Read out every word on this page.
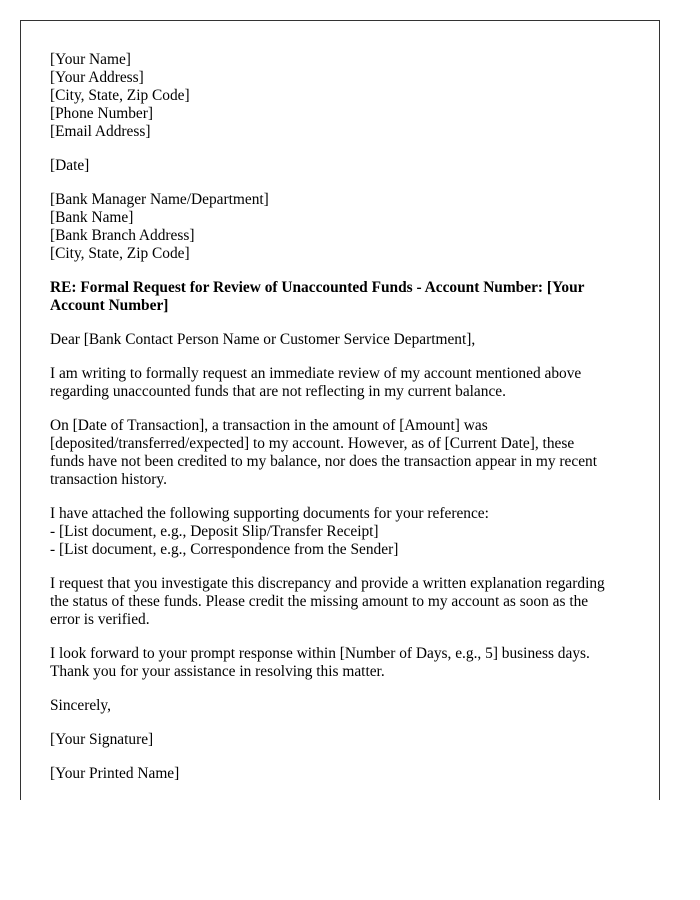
[Your Name]
[Your Address]
[City, State, Zip Code]
[Phone Number]
[Email Address]
[Date]
[Bank Manager Name/Department]
[Bank Name]
[Bank Branch Address]
[City, State, Zip Code]
RE: Formal Request for Review of Unaccounted Funds - Account Number: [Your
Account Number]
Dear [Bank Contact Person Name or Customer Service Department],
I am writing to formally request an immediate review of my account mentioned above
regarding unaccounted funds that are not reflecting in my current balance.
On [Date of Transaction], a transaction in the amount of [Amount] was
[deposited/transferred/expected] to my account. However, as of [Current Date], these
funds have not been credited to my balance, nor does the transaction appear in my recent
transaction history.
I have attached the following supporting documents for your reference:
- [List document, e.g., Deposit Slip/Transfer Receipt]
- [List document, e.g., Correspondence from the Sender]
I request that you investigate this discrepancy and provide a written explanation regarding
the status of these funds. Please credit the missing amount to my account as soon as the
error is verified.
I look forward to your prompt response within [Number of Days, e.g., 5] business days.
Thank you for your assistance in resolving this matter.
Sincerely,
[Your Signature]
[Your Printed Name]
